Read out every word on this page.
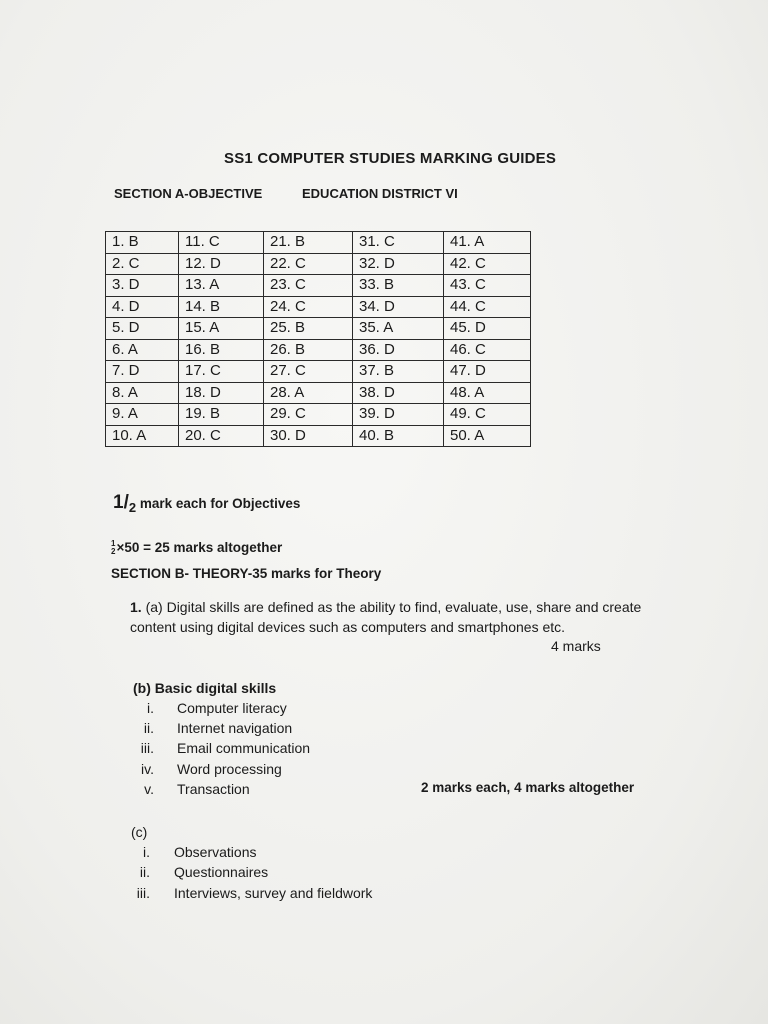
SS1 COMPUTER STUDIES MARKING GUIDES
SECTION A-OBJECTIVE	EDUCATION DISTRICT VI
1. B	11. C	21. B	31. C	41. A
2. C	12. D	22. C	32. D	42. C
3. D	13. A	23. C	33. B	43. C
4. D	14. B	24. C	34. D	44. C
5. D	15. A	25. B	35. A	45. D
6. A	16. B	26. B	36. D	46. C
7. D	17. C	27. C	37. B	47. D
8. A	18. D	28. A	38. D	48. A
9. A	19. B	29. C	39. D	49. C
10. A	20. C	30. D	40. B	50. A
$1/_2$ mark each for Objectives
1
2×50 = 25 marks altogether
SECTION B- THEORY-35 marks for Theory
1. (a) Digital skills are defined as the ability to find, evaluate, use, share and create content using digital devices such as computers and smartphones etc.
4 marks
(b) Basic digital skills
i. Computer literacy
ii. Internet navigation
iii. Email communication
iv. Word processing
v. Transaction	2 marks each, 4 marks altogether
(c)
i. Observations
ii. Questionnaires
iii. Interviews, survey and fieldwork
